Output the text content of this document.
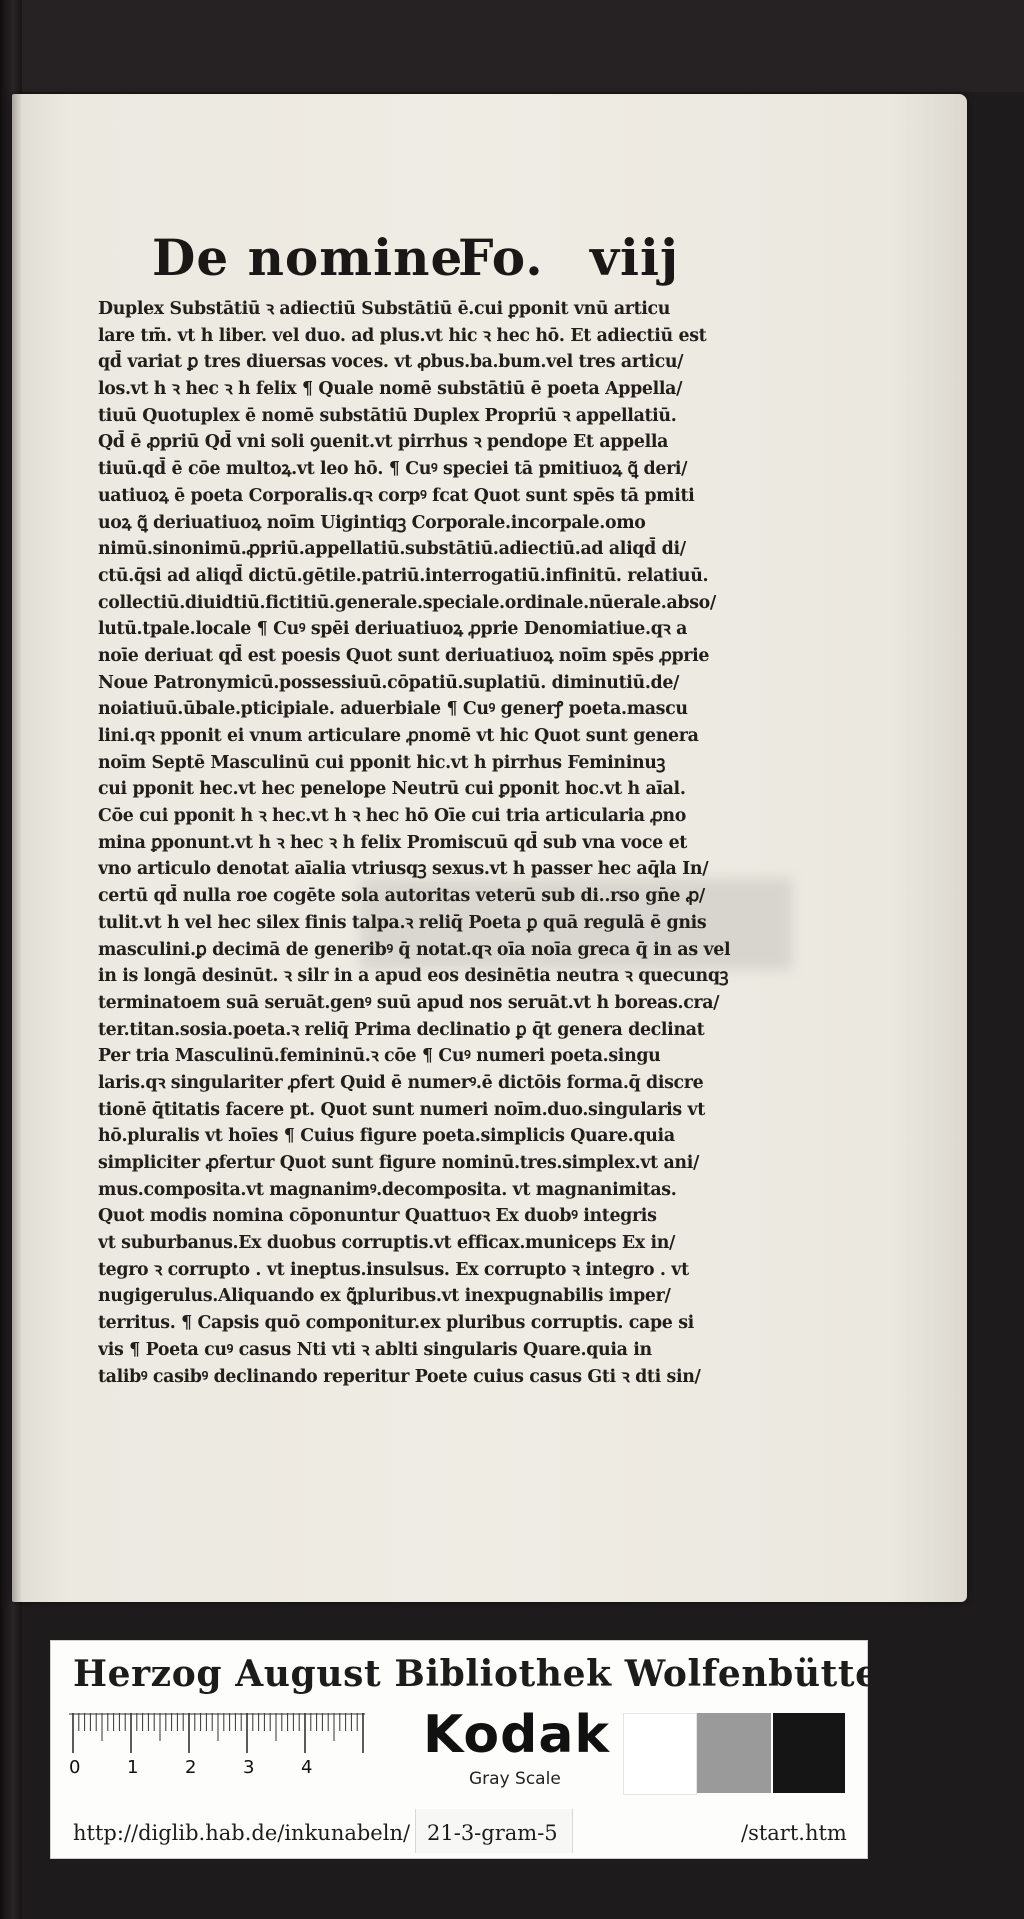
De nomine

Fo.

viij

Duplex Substātiū ꝛ adiectiū Substātiū ē.cui ꝑponit vnū articu
lare tm̄. vt h liber. vel duo. ad plus.vt hic ꝛ hec hō. Et adiectiū est
qd̄ variat ꝑ tres diuersas voces. vt ꝓbus.ba.bum.vel tres articu/
los.vt h ꝛ hec ꝛ h felix ¶ Quale nomē substātiū ē poeta Appella/
tiuū Quotuplex ē nomē substātiū Duplex Propriū ꝛ appellatiū.
Qd̄ ē ꝓpriū Qd̄ vni soli ꝯuenit.vt pirrhus ꝛ pendope Et appella
tiuū.qd̄ ē cōe multoꝝ.vt leo hō. ¶ Cuꝰ speciei tā pmitiuoꝝ ꝗ͂ deri/
uatiuoꝝ ē poeta Corporalis.qꝛ corpꝰ fcat Quot sunt spēs tā pmiti
uoꝝ ꝗ͂ deriuatiuoꝝ noīm Uigintiqꝫ Corporale.incorpale.omo
nimū.sinonimū.ꝓpriū.appellatiū.substātiū.adiectiū.ad aliqd̄ di/
ctū.q̄si ad aliqd̄ dictū.gētile.patriū.interrogatiū.infinitū. relatiuū.
collectiū.diuidtiū.fictitiū.generale.speciale.ordinale.nūerale.abso/
lutū.tpale.locale ¶ Cuꝰ spēi deriuatiuoꝝ ꝓprie Denomiatiue.qꝛ a
noīe deriuat qd̄ est poesis Quot sunt deriuatiuoꝝ noīm spēs ꝓprie
Noue Patronymicū.possessiuū.cōpatiū.suplatiū. diminutiū.de/
noiatiuū.ūbale.pticipiale. aduerbiale ¶ Cuꝰ generꝭ poeta.mascu
lini.qꝛ pponit ei vnum articulare ꝓnomē vt hic Quot sunt genera
noīm Septē Masculinū cui pponit hic.vt h pirrhus Femininuꝫ
cui pponit hec.vt hec penelope Neutrū cui ꝑponit hoc.vt h aīal.
Cōe cui pponit h ꝛ hec.vt h ꝛ hec hō Oīe cui tria articularia ꝓno
mina ꝑponunt.vt h ꝛ hec ꝛ h felix Promiscuū qd̄ sub vna voce et
vno articulo denotat aīalia vtriusqꝫ sexus.vt h passer hec aq̄la In/
certū qd̄ nulla roe cogēte sola autoritas veterū sub di..rso gn̄e ꝓ/
tulit.vt h vel hec silex finis talpa.ꝛ reliq̄ Poeta ꝑ quā regulā ē gnis
masculini.ꝑ decimā de generibꝰ q̄ notat.qꝛ oīa noīa greca q̄ in as vel
in is longā desinūt. ꝛ silr in a apud eos desinētia neutra ꝛ quecunqꝫ
terminatoem suā seruāt.genꝰ suū apud nos seruāt.vt h boreas.cra/
ter.titan.sosia.poeta.ꝛ reliq̄ Prima declinatio ꝑ q̄t genera declinat
Per tria Masculinū.femininū.ꝛ cōe ¶ Cuꝰ numeri poeta.singu
laris.qꝛ singulariter ꝓfert Quid ē numerꝰ.ē dictōis forma.q̄ discre
tionē q̄titatis facere pt. Quot sunt numeri noīm.duo.singularis vt
hō.pluralis vt hoīes ¶ Cuius figure poeta.simplicis Quare.quia
simpliciter ꝓfertur Quot sunt figure nominū.tres.simplex.vt ani/
mus.composita.vt magnanimꝰ.decomposita. vt magnanimitas.
Quot modis nomina cōponuntur Quattuoꝛ Ex duobꝰ integris
vt suburbanus.Ex duobus corruptis.vt efficax.municeps Ex in/
tegro ꝛ corrupto . vt ineptus.insulsus. Ex corrupto ꝛ integro . vt
nugigerulus.Aliquando ex ꝗ͂pluribus.vt inexpugnabilis imper/
territus. ¶ Capsis quō componitur.ex pluribus corruptis. cape si
vis ¶ Poeta cuꝰ casus Nti vti ꝛ ablti singularis Quare.quia in
talibꝰ casibꝰ declinando reperitur Poete cuius casus Gti ꝛ dti sin/
Herzog August Bibliothek Wolfenbüttel
0	1	2	3	4
Kodak
Gray Scale
http://diglib.hab.de/inkunabeln/ 21-3-gram-5	/start.htm
